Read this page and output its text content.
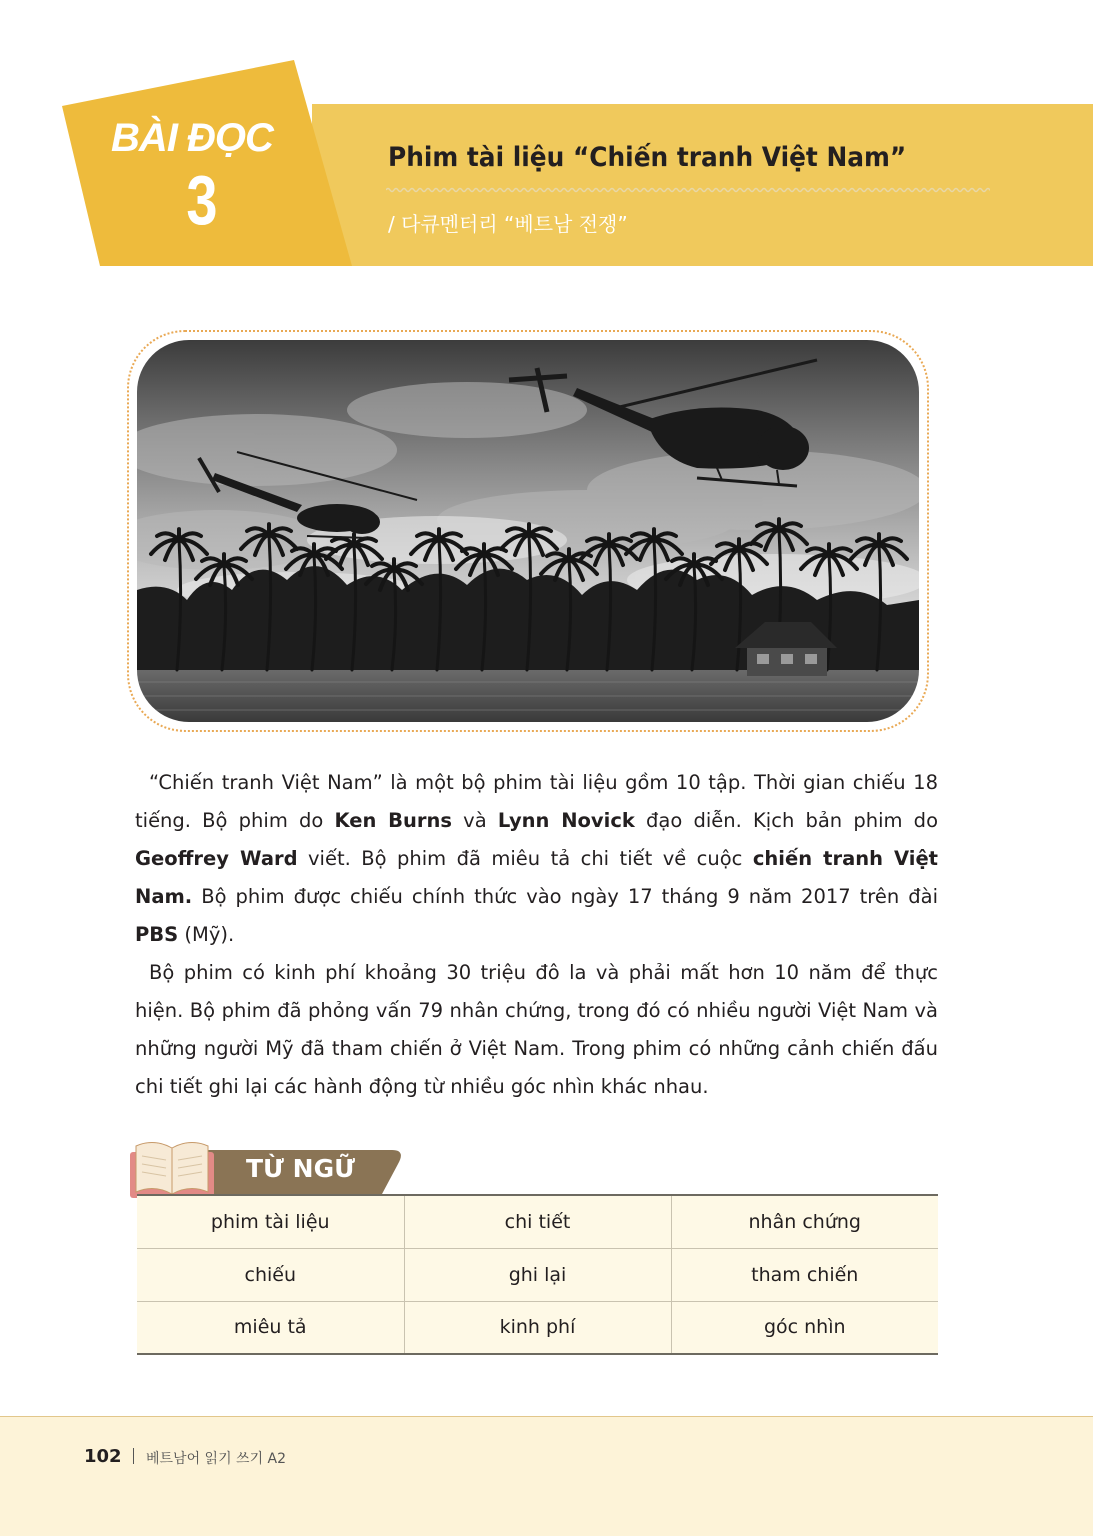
BÀI ĐỌC
3
Phim tài liệu “Chiến tranh Việt Nam”
/ 다큐멘터리 “베트남 전쟁”

“Chiến tranh Việt Nam” là một bộ phim tài liệu gồm 10 tập. Thời gian chiếu 18 tiếng. Bộ phim do Ken Burns và Lynn Novick đạo diễn. Kịch bản phim do Geoffrey Ward viết. Bộ phim đã miêu tả chi tiết về cuộc chiến tranh Việt Nam. Bộ phim được chiếu chính thức vào ngày 17 tháng 9 năm 2017 trên đài PBS (Mỹ).

Bộ phim có kinh phí khoảng 30 triệu đô la và phải mất hơn 10 năm để thực hiện. Bộ phim đã phỏng vấn 79 nhân chứng, trong đó có nhiều người Việt Nam và những người Mỹ đã tham chiến ở Việt Nam. Trong phim có những cảnh chiến đấu chi tiết ghi lại các hành động từ nhiều góc nhìn khác nhau.

TỪ NGỮ
phim tài liệu	chi tiết	nhân chứng
chiếu	ghi lại	tham chiến
miêu tả	kinh phí	góc nhìn
102 베트남어 읽기 쓰기 A2
